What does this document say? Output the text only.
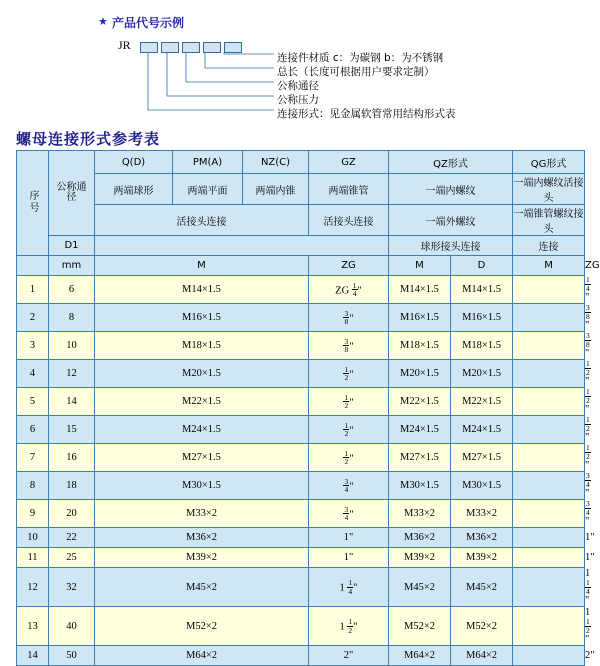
★ 产品代号示例
JR
连接件材质 c：为碳钢 b：为不锈钢
总长（长度可根据用户要求定制）
公称通径
公称压力
连接形式：见金属软管常用结构形式表
螺母连接形式参考表
序号	公称通径	Q(D)	PM(A)	NZ(C)	GZ	QZ形式		QG形式	
		两端球形	两端平面	两端内锥	两端锥管	一端内螺纹		一端内螺纹活接头	
		活接头连接			活接头连接	一端外螺纹		一端锥管螺纹接头	
	D1					球形接头连接		连接	
	mm	M			ZG	M	D	M	ZG
1	6	M14×1.5			ZG $\frac{1}{4}$ "	M14×1.5	M14×1.5		$\frac{1}{4}$
"
2	8	M16×1.5			$\frac{3}{8}$ "	M16×1.5	M16×1.5		$\frac{3}{8}$
"
3	10	M18×1.5			$\frac{3}{8}$ "	M18×1.5	M18×1.5		$\frac{3}{8}$
"
4	12	M20×1.5			$\frac{1}{2}$ "	M20×1.5	M20×1.5		$\frac{1}{2}$
"
5	14	M22×1.5			$\frac{1}{2}$ "	M22×1.5	M22×1.5		$\frac{1}{2}$
"
6	15	M24×1.5			$\frac{1}{2}$ "	M24×1.5	M24×1.5		$\frac{1}{2}$
"
7	16	M27×1.5			$\frac{1}{2}$ "	M27×1.5	M27×1.5		$\frac{1}{2}$
"
8	18	M30×1.5			$\frac{3}{4}$ "	M30×1.5	M30×1.5		$\frac{3}{4}$
"
9	20	M33×2			$\frac{3}{4}$ "	M33×2	M33×2		$\frac{3}{4}$
"
10	22	M36×2			1"	M36×2	M36×2		1"
11	25	M39×2			1"	M39×2	M39×2		1"
12	32	M45×2			$1 \frac{1}{4}$ "	M45×2	M45×2		1
$\frac{1}{4}$
"
13	40	M52×2			$1 \frac{1}{2}$ "	M52×2	M52×2		1
$\frac{1}{2}$
"
14	50	M64×2			2"	M64×2	M64×2		2"
